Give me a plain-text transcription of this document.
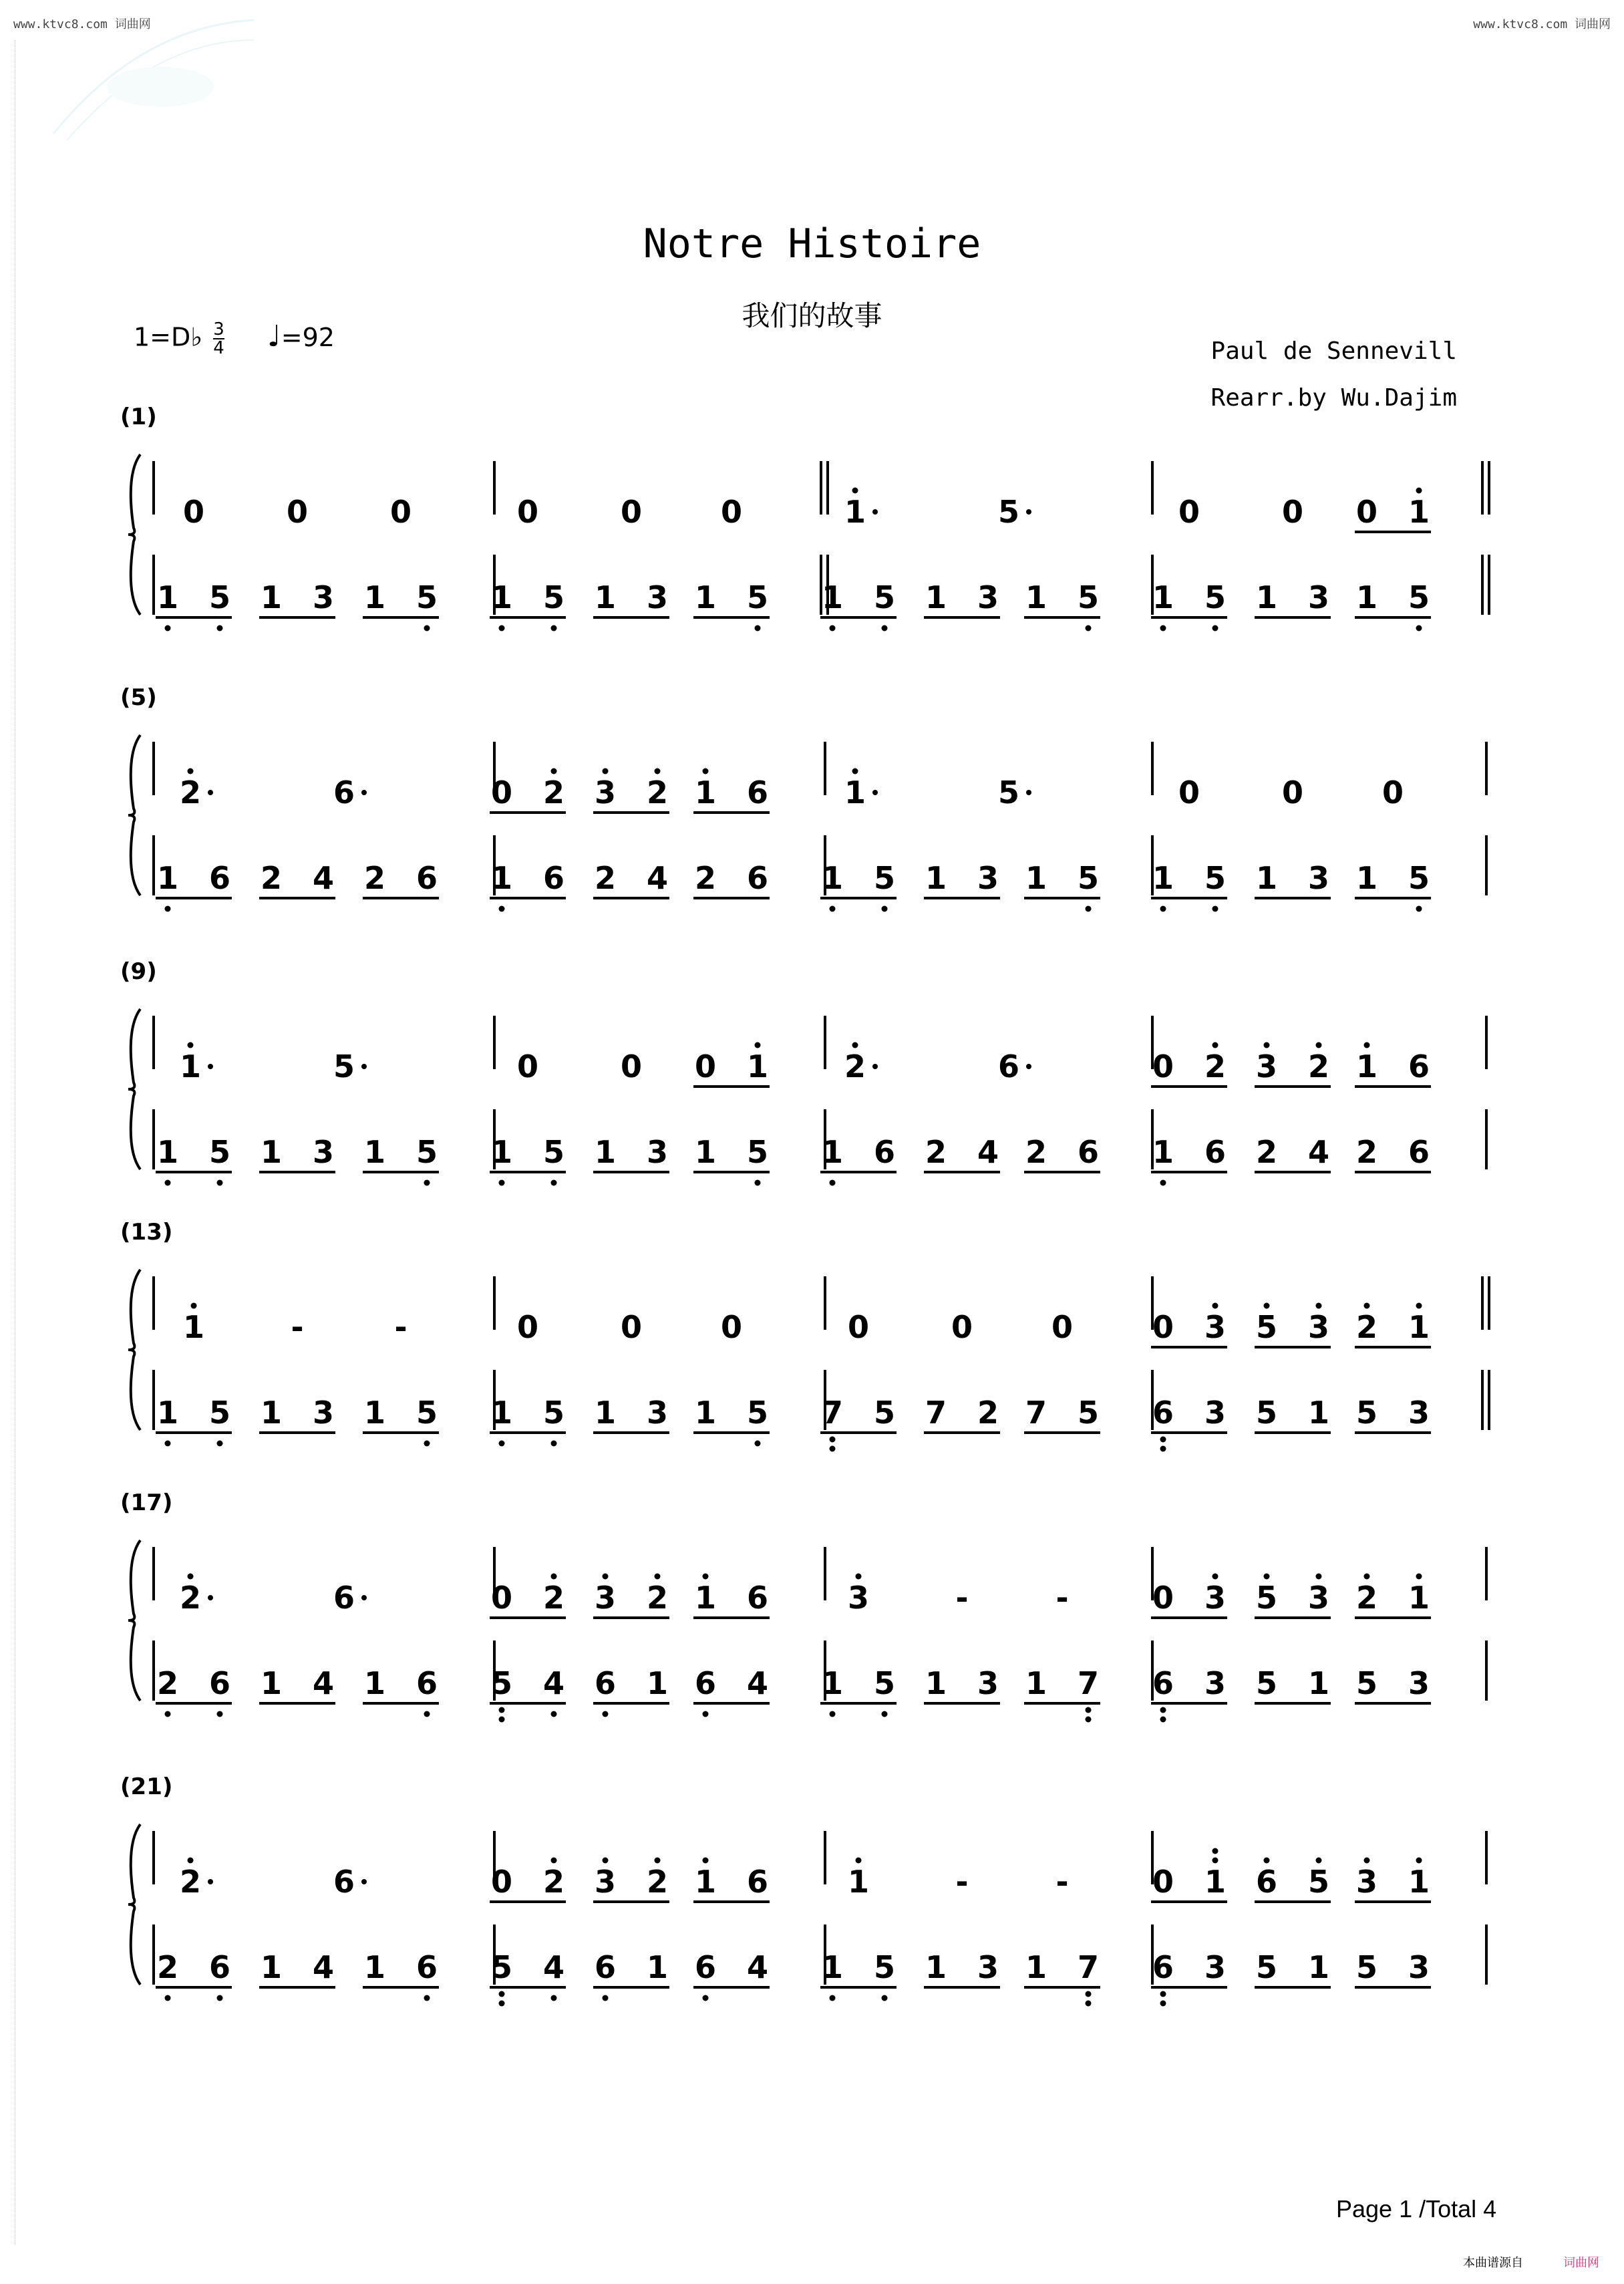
www.ktvc8.com 词曲网	www.ktvc8.com 词曲网
Notre Histoire
我们的故事
1=D♭ $\frac{3}{4}$ ♩=92	Paul de Sennevill
Rearr.by Wu.Dajim
(1)
0	0	0	0	0	0	1	5	0	0 0 1
1 5 1 3 1 5 1 5 1 3 1 5 1 5 1 3 1 5 1 5 1 3 1 5
(5)
2	6	0 2 3 2 1 6 1	5	0	0	0
1 6 2 4 2 6 1 6 2 4 2 6 1 5 1 3 1 5 1 5 1 3 1 5
(9)
1	5	0	0 0 1 2	6	0 2 3 2 1 6
1 5 1 3 1 5 1 5 1 3 1 5 1 6 2 4 2 6 1 6 2 4 2 6
(13)
1	-	-	0	0	0	0	0	0	0 3 5 3 2 1
1 5 1 3 1 5 1 5 1 3 1 5 7 5 7 2 7 5 6 3 5 1 5 3
(17)
2	6	0 2 3 2 1 6	3	-	-	0 3 5 3 2 1
2 6 1 4 1 6 5 4 6 1 6 4 1 5 1 3 1 7 6 3 5 1 5 3
(21)
2	6	0 2 3 2 1 6	1	-	-	0 1 6 5 3 1
2 6 1 4 1 6 5 4 6 1 6 4 1 5 1 3 1 7 6 3 5 1 5 3
Page 1 /Total 4
本曲谱源自	词曲网
